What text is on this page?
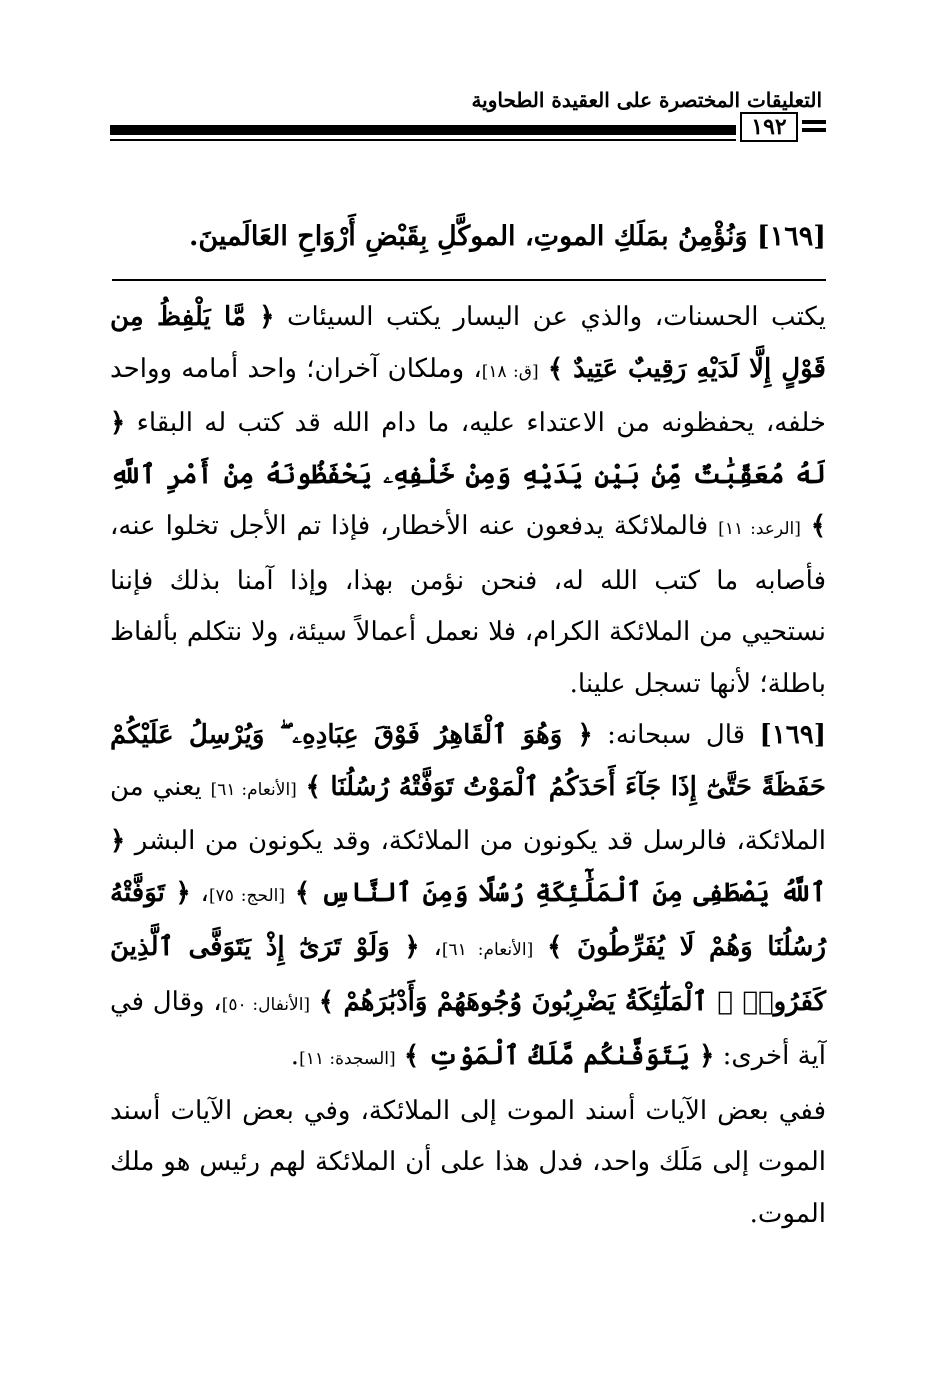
التعليقات المختصرة على العقيدة الطحاوية
١٩٢
[١٦٩] وَنُؤْمِنُ بمَلَكِ الموتِ، الموكَّلِ بِقَبْضِ أَرْوَاحِ العَالَمينَ.

يكتب الحسنات، والذي عن اليسار يكتب السيئات ﴿ مَّا يَلْفِظُ مِن قَوْلٍ إِلَّا لَدَيْهِ رَقِيبٌ عَتِيدٌ ﴾ [ق: ١٨]، وملكان آخران؛ واحد أمامه وواحد خلفه، يحفظونه من الاعتداء عليه، ما دام الله قد كتب له البقاء ﴿ لَهُ مُعَقِّبَٰتٌ مِّنۢ بَيْنِ يَدَيْهِ وَمِنْ خَلْفِهِۦ يَحْفَظُونَهُ مِنْ أَمْرِ ٱللَّهِ ﴾ [الرعد: ١١] فالملائكة يدفعون عنه الأخطار، فإذا تم الأجل تخلوا عنه، فأصابه ما كتب الله له، فنحن نؤمن بهذا، وإذا آمنا بذلك فإننا نستحيي من الملائكة الكرام، فلا نعمل أعمالاً سيئة، ولا نتكلم بألفاظ باطلة؛ لأنها تسجل علينا.

[١٦٩] قال سبحانه: ﴿ وَهُوَ ٱلْقَاهِرُ فَوْقَ عِبَادِهِۦ ۖ وَيُرْسِلُ عَلَيْكُمْ حَفَظَةً حَتَّىٰٓ إِذَا جَآءَ أَحَدَكُمُ ٱلْمَوْتُ تَوَفَّتْهُ رُسُلُنَا ﴾ [الأنعام: ٦١] يعني من الملائكة، فالرسل قد يكونون من الملائكة، وقد يكونون من البشر ﴿ ٱللَّهُ يَصْطَفِى مِنَ ٱلْمَلَٰٓئِكَةِ رُسُلًا وَمِنَ ٱلنَّاسِ ﴾ [الحج: ٧٥]، ﴿ تَوَفَّتْهُ رُسُلُنَا وَهُمْ لَا يُفَرِّطُونَ ﴾ [الأنعام: ٦١]، ﴿ وَلَوْ تَرَىٰٓ إِذْ يَتَوَفَّى ٱلَّذِينَ كَفَرُوا۟ ۙ ٱلْمَلَٰٓئِكَةُ يَضْرِبُونَ وُجُوهَهُمْ وَأَدْبَٰرَهُمْ ﴾ [الأنفال: ٥٠]، وقال في آية أخرى: ﴿ يَتَوَفَّىٰكُم مَّلَكُ ٱلْمَوْتِ ﴾ [السجدة: ١١].

ففي بعض الآيات أسند الموت إلى الملائكة، وفي بعض الآيات أسند الموت إلى مَلَك واحد، فدل هذا على أن الملائكة لهم رئيس هو ملك الموت.
